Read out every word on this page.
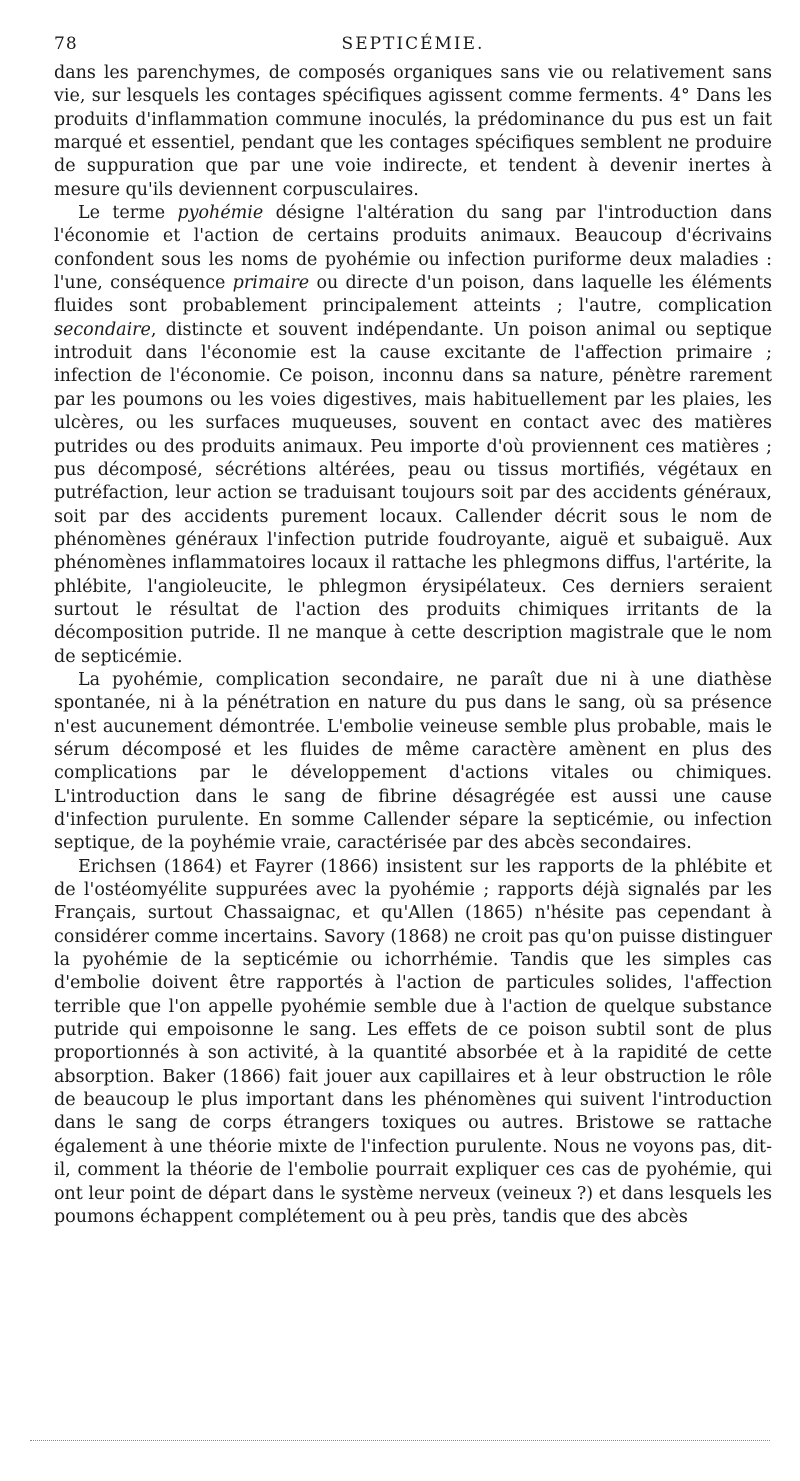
78	SEPTICÉMIE.

dans les parenchymes, de composés organiques sans vie ou relativement sans vie, sur lesquels les contages spécifiques agissent comme ferments. 4° Dans les produits d'inflammation commune inoculés, la prédominance du pus est un fait marqué et essentiel, pendant que les contages spécifiques semblent ne produire de suppuration que par une voie indirecte, et tendent à devenir inertes à mesure qu'ils deviennent corpusculaires.

Le terme pyohémie désigne l'altération du sang par l'introduction dans l'économie et l'action de certains produits animaux. Beaucoup d'écrivains confondent sous les noms de pyohémie ou infection puriforme deux maladies : l'une, conséquence primaire ou directe d'un poison, dans laquelle les éléments fluides sont probablement principalement atteints ; l'autre, complication secondaire, distincte et souvent indépendante. Un poison animal ou septique introduit dans l'économie est la cause excitante de l'affection primaire ; infection de l'économie. Ce poison, inconnu dans sa nature, pénètre rarement par les poumons ou les voies digestives, mais habituellement par les plaies, les ulcères, ou les surfaces muqueuses, souvent en contact avec des matières putrides ou des produits animaux. Peu importe d'où proviennent ces matières ; pus décomposé, sécrétions altérées, peau ou tissus mortifiés, végétaux en putréfaction, leur action se traduisant toujours soit par des accidents généraux, soit par des accidents purement locaux. Callender décrit sous le nom de phénomènes généraux l'infection putride foudroyante, aiguë et subaiguë. Aux phénomènes inflammatoires locaux il rattache les phlegmons diffus, l'artérite, la phlébite, l'angioleucite, le phlegmon érysipélateux. Ces derniers seraient surtout le résultat de l'action des produits chimiques irritants de la décomposition putride. Il ne manque à cette description magistrale que le nom de septicémie.

La pyohémie, complication secondaire, ne paraît due ni à une diathèse spontanée, ni à la pénétration en nature du pus dans le sang, où sa présence n'est aucunement démontrée. L'embolie veineuse semble plus probable, mais le sérum décomposé et les fluides de même caractère amènent en plus des complications par le développement d'actions vitales ou chimiques. L'introduction dans le sang de fibrine désagrégée est aussi une cause d'infection purulente. En somme Callender sépare la septicémie, ou infection septique, de la poyhémie vraie, caractérisée par des abcès secondaires.

Erichsen (1864) et Fayrer (1866) insistent sur les rapports de la phlébite et de l'ostéomyélite suppurées avec la pyohémie ; rapports déjà signalés par les Français, surtout Chassaignac, et qu'Allen (1865) n'hésite pas cependant à considérer comme incertains. Savory (1868) ne croit pas qu'on puisse distinguer la pyohémie de la septicémie ou ichorrhémie. Tandis que les simples cas d'embolie doivent être rapportés à l'action de particules solides, l'affection terrible que l'on appelle pyohémie semble due à l'action de quelque substance putride qui empoisonne le sang. Les effets de ce poison subtil sont de plus proportionnés à son activité, à la quantité absorbée et à la rapidité de cette absorption. Baker (1866) fait jouer aux capillaires et à leur obstruction le rôle de beaucoup le plus important dans les phénomènes qui suivent l'introduction dans le sang de corps étrangers toxiques ou autres. Bristowe se rattache également à une théorie mixte de l'infection purulente. Nous ne voyons pas, dit-il, comment la théorie de l'embolie pourrait expliquer ces cas de pyohémie, qui ont leur point de départ dans le système nerveux (veineux ?) et dans lesquels les poumons échappent complétement ou à peu près, tandis que des abcès
